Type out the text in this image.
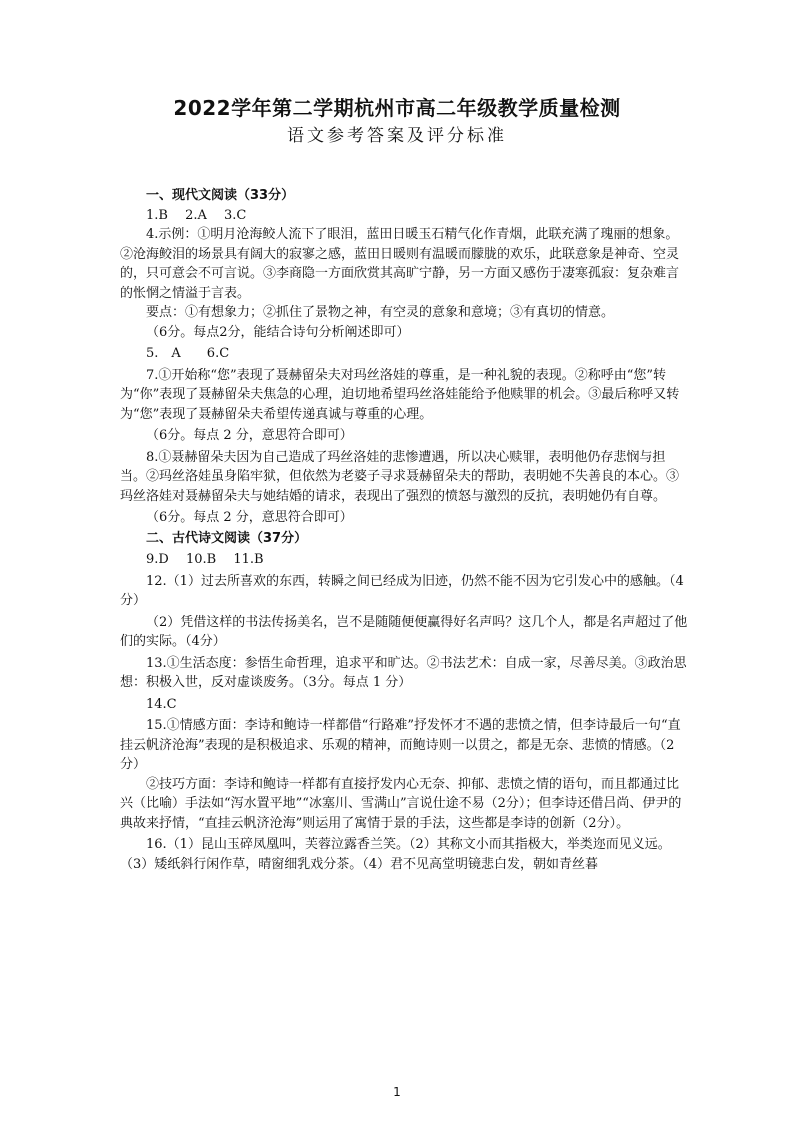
2022学年第二学期杭州市高二年级教学质量检测
语文参考答案及评分标准

一、现代文阅读（33分）

1.B　 2.A　 3.C

4.示例：①明月沧海鲛人流下了眼泪，蓝田日暖玉石精气化作青烟，此联充满了瑰丽的想象。②沧海鲛泪的场景具有阔大的寂寥之感，蓝田日暖则有温暖而朦胧的欢乐，此联意象是神奇、空灵的，只可意会不可言说。③李商隐一方面欣赏其高旷宁静，另一方面又感伤于凄寒孤寂：复杂难言的怅惘之情溢于言表。

要点：①有想象力；②抓住了景物之神，有空灵的意象和意境；③有真切的情意。

（6分。每点2分，能结合诗句分析阐述即可）

5.　A　　6.C

7.①开始称“您”表现了聂赫留朵夫对玛丝洛娃的尊重，是一种礼貌的表现。②称呼由“您”转为“你”表现了聂赫留朵夫焦急的心理，迫切地希望玛丝洛娃能给予他赎罪的机会。③最后称呼又转为“您”表现了聂赫留朵夫希望传递真诚与尊重的心理。

（6分。每点 2 分，意思符合即可）

8.①聂赫留朵夫因为自己造成了玛丝洛娃的悲惨遭遇，所以决心赎罪，表明他仍存悲悯与担当。②玛丝洛娃虽身陷牢狱，但依然为老婆子寻求聂赫留朵夫的帮助，表明她不失善良的本心。③玛丝洛娃对聂赫留朵夫与她结婚的请求，表现出了强烈的愤怒与激烈的反抗，表明她仍有自尊。

（6分。每点 2 分，意思符合即可）

二、古代诗文阅读（37分）

9.D　 10.B　 11.B

12.（1）过去所喜欢的东西，转瞬之间已经成为旧迹，仍然不能不因为它引发心中的感触。（4分）

（2）凭借这样的书法传扬美名，岂不是随随便便赢得好名声吗？这几个人，都是名声超过了他们的实际。（4分）

13.①生活态度：参悟生命哲理，追求平和旷达。②书法艺术：自成一家，尽善尽美。③政治思想：积极入世，反对虚谈废务。（3分。每点 1 分）

14.C

15.①情感方面：李诗和鲍诗一样都借“行路难”抒发怀才不遇的悲愤之情，但李诗最后一句“直挂云帆济沧海”表现的是积极追求、乐观的精神，而鲍诗则一以贯之，都是无奈、悲愤的情感。（2分）

②技巧方面：李诗和鲍诗一样都有直接抒发内心无奈、抑郁、悲愤之情的语句，而且都通过比兴（比喻）手法如“泻水置平地”“冰塞川、雪满山”言说仕途不易（2分）；但李诗还借吕尚、伊尹的典故来抒情，“直挂云帆济沧海”则运用了寓情于景的手法，这些都是李诗的创新（2分）。

16.（1）昆山玉碎凤凰叫，芙蓉泣露香兰笑。（2）其称文小而其指极大，举类迩而见义远。（3）矮纸斜行闲作草，晴窗细乳戏分茶。（4）君不见高堂明镜悲白发，朝如青丝暮

1
